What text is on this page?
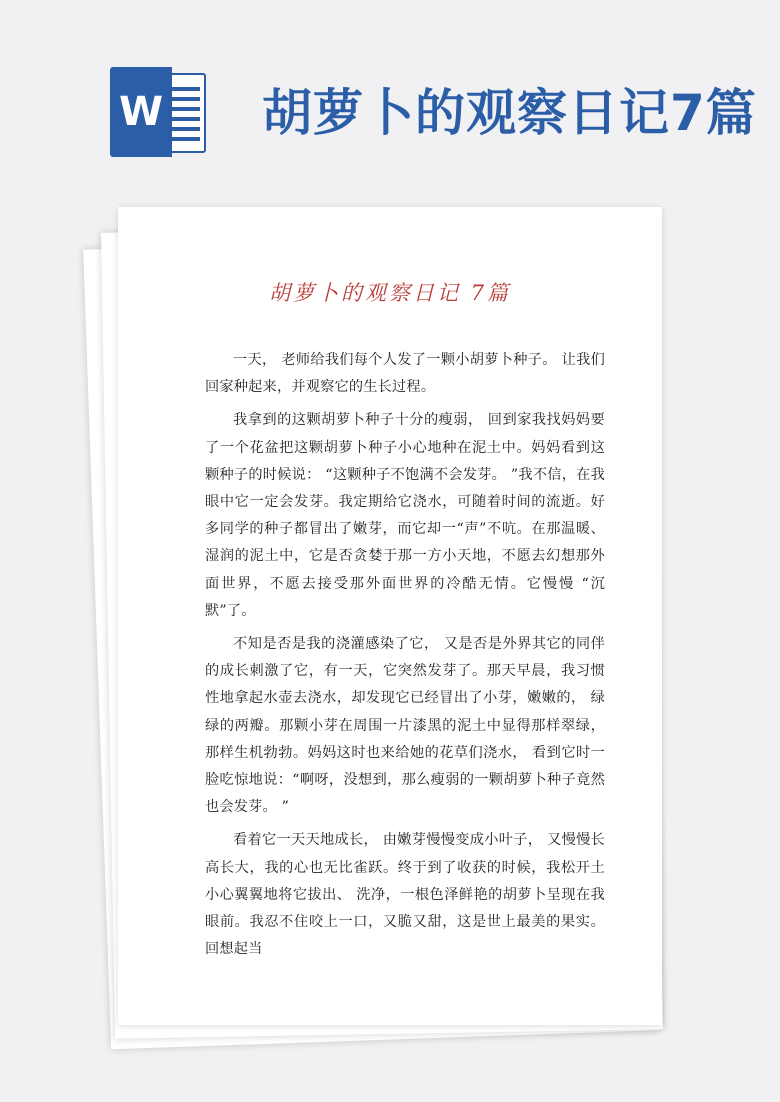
W 胡萝卜的观察日记7篇
胡萝卜的观察日记 7篇

一天， 老师给我们每个人发了一颗小胡萝卜种子。 让我们回家种起来，并观察它的生长过程。

我拿到的这颗胡萝卜种子十分的瘦弱， 回到家我找妈妈要了一个花盆把这颗胡萝卜种子小心地种在泥土中。妈妈看到这颗种子的时候说： “这颗种子不饱满不会发芽。 ”我不信，在我眼中它一定会发芽。我定期给它浇水，可随着时间的流逝。好多同学的种子都冒出了嫩芽，而它却一“声”不吭。在那温暖、湿润的泥土中，它是否贪婪于那一方小天地，不愿去幻想那外面世界，不愿去接受那外面世界的冷酷无情。它慢慢 “沉默”了。

不知是否是我的浇灌感染了它， 又是否是外界其它的同伴的成长刺激了它，有一天，它突然发芽了。那天早晨，我习惯性地拿起水壶去浇水，却发现它已经冒出了小芽，嫩嫩的， 绿绿的两瓣。那颗小芽在周围一片漆黑的泥土中显得那样翠绿，那样生机勃勃。妈妈这时也来给她的花草们浇水， 看到它时一脸吃惊地说：“啊呀，没想到，那么瘦弱的一颗胡萝卜种子竟然也会发芽。 ”

看着它一天天地成长， 由嫩芽慢慢变成小叶子， 又慢慢长高长大，我的心也无比雀跃。终于到了收获的时候，我松开土小心翼翼地将它拔出、 洗净，一根色泽鲜艳的胡萝卜呈现在我眼前。我忍不住咬上一口，又脆又甜，这是世上最美的果实。回想起当
